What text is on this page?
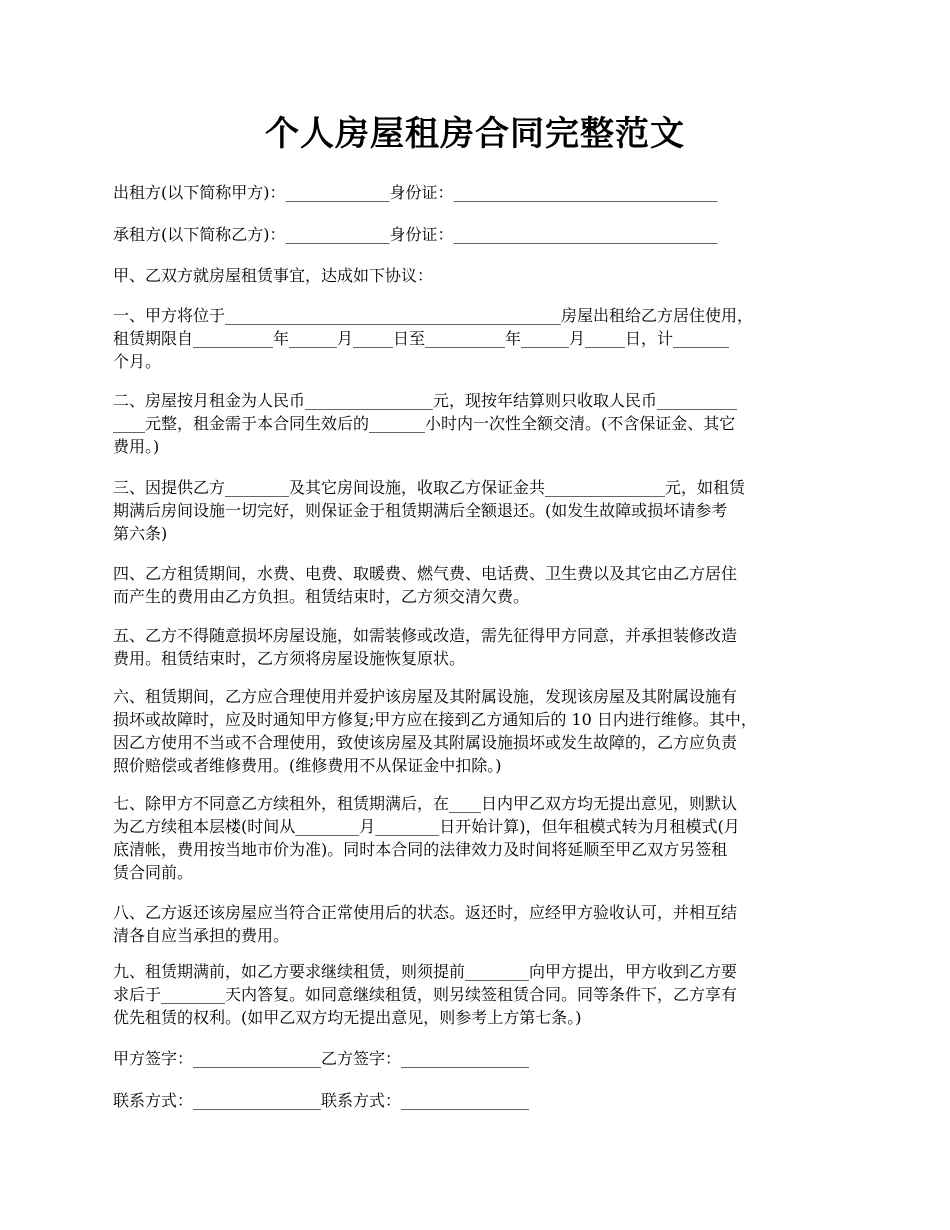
个人房屋租房合同完整范文

出租方(以下简称甲方)：_____________身份证：_________________________________

承租方(以下简称乙方)：_____________身份证：_________________________________

甲、乙双方就房屋租赁事宜，达成如下协议：

一、甲方将位于__________________________________________房屋出租给乙方居住使用，
租赁期限自__________年______月_____日至__________年______月_____日，计_______
个月。

二、房屋按月租金为人民币________________元，现按年结算则只收取人民币__________
____元整，租金需于本合同生效后的_______小时内一次性全额交清。(不含保证金、其它
费用。)

三、因提供乙方________及其它房间设施，收取乙方保证金共_______________元，如租赁
期满后房间设施一切完好，则保证金于租赁期满后全额退还。(如发生故障或损坏请参考
第六条)

四、乙方租赁期间，水费、电费、取暖费、燃气费、电话费、卫生费以及其它由乙方居住
而产生的费用由乙方负担。租赁结束时，乙方须交清欠费。

五、乙方不得随意损坏房屋设施，如需装修或改造，需先征得甲方同意，并承担装修改造
费用。租赁结束时，乙方须将房屋设施恢复原状。

六、租赁期间，乙方应合理使用并爱护该房屋及其附属设施，发现该房屋及其附属设施有
损坏或故障时，应及时通知甲方修复;甲方应在接到乙方通知后的 10 日内进行维修。其中，
因乙方使用不当或不合理使用，致使该房屋及其附属设施损坏或发生故障的，乙方应负责
照价赔偿或者维修费用。(维修费用不从保证金中扣除。)

七、除甲方不同意乙方续租外，租赁期满后，在____日内甲乙双方均无提出意见，则默认
为乙方续租本层楼(时间从________月________日开始计算)，但年租模式转为月租模式(月
底清帐，费用按当地市价为准)。同时本合同的法律效力及时间将延顺至甲乙双方另签租
赁合同前。

八、乙方返还该房屋应当符合正常使用后的状态。返还时，应经甲方验收认可，并相互结
清各自应当承担的费用。

九、租赁期满前，如乙方要求继续租赁，则须提前________向甲方提出，甲方收到乙方要
求后于________天内答复。如同意继续租赁，则另续签租赁合同。同等条件下，乙方享有
优先租赁的权利。(如甲乙双方均无提出意见，则参考上方第七条。)

甲方签字：________________乙方签字：________________

联系方式：________________联系方式：________________
